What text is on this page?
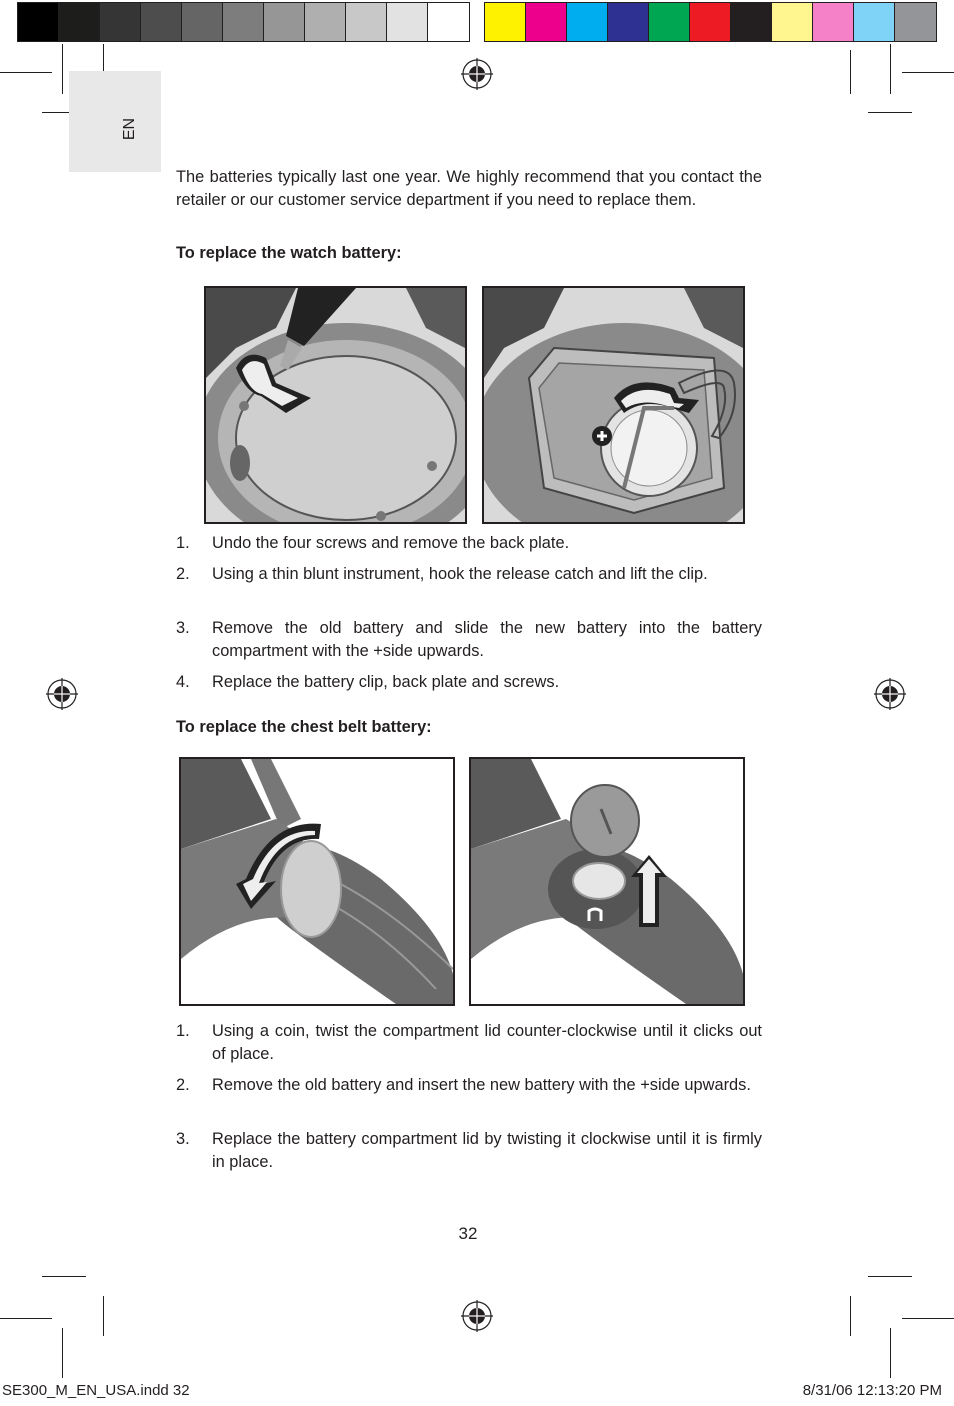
EN
The batteries typically last one year. We highly recommend that you contact the retailer or our customer service department if you need to replace them.
To replace the watch battery:
1. Undo the four screws and remove the back plate.
2. Using a thin blunt instrument, hook the release catch and lift the clip.
3. Remove the old battery and slide the new battery into the battery compartment with the +side upwards.
4. Replace the battery clip, back plate and screws.
To replace the chest belt battery:
1. Using a coin, twist the compartment lid counter-clockwise until it clicks out of place.
2. Remove the old battery and insert the new battery with the +side upwards.
3. Replace the battery compartment lid by twisting it clockwise until it is firmly in place.
32
SE300_M_EN_USA.indd 32	8/31/06 12:13:20 PM
